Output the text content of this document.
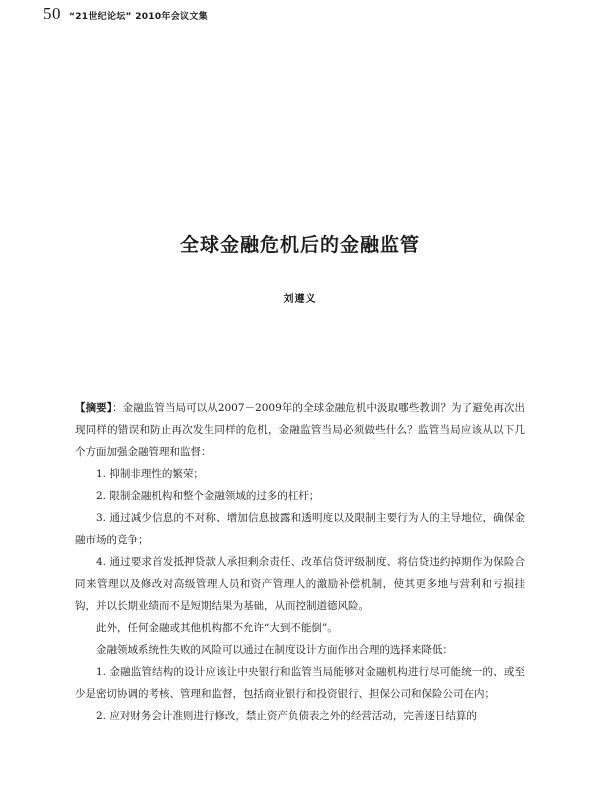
50 “21世纪论坛” 2010年会议文集
全球金融危机后的金融监管
刘遵义

【摘要】：金融监管当局可以从2007－2009年的全球金融危机中汲取哪些教训？为了避免再次出现同样的错误和防止再次发生同样的危机，金融监管当局必须做些什么？监管当局应该从以下几个方面加强金融管理和监督：

1. 抑制非理性的繁荣；

2. 限制金融机构和整个金融领域的过多的杠杆；

3. 通过减少信息的不对称、增加信息披露和透明度以及限制主要行为人的主导地位，确保金融市场的竞争；

4. 通过要求首发抵押贷款人承担剩余责任、改革信贷评级制度、将信贷违约掉期作为保险合同来管理以及修改对高级管理人员和资产管理人的激励补偿机制，使其更多地与营利和亏损挂钩，并以长期业绩而不是短期结果为基础，从而控制道德风险。

此外，任何金融或其他机构都不允许“大到不能倒”。

金融领域系统性失败的风险可以通过在制度设计方面作出合理的选择来降低：

1. 金融监管结构的设计应该让中央银行和监管当局能够对金融机构进行尽可能统一的、或至少是密切协调的考核、管理和监督，包括商业银行和投资银行、担保公司和保险公司在内；

2. 应对财务会计准则进行修改，禁止资产负债表之外的经营活动，完善逐日结算的
